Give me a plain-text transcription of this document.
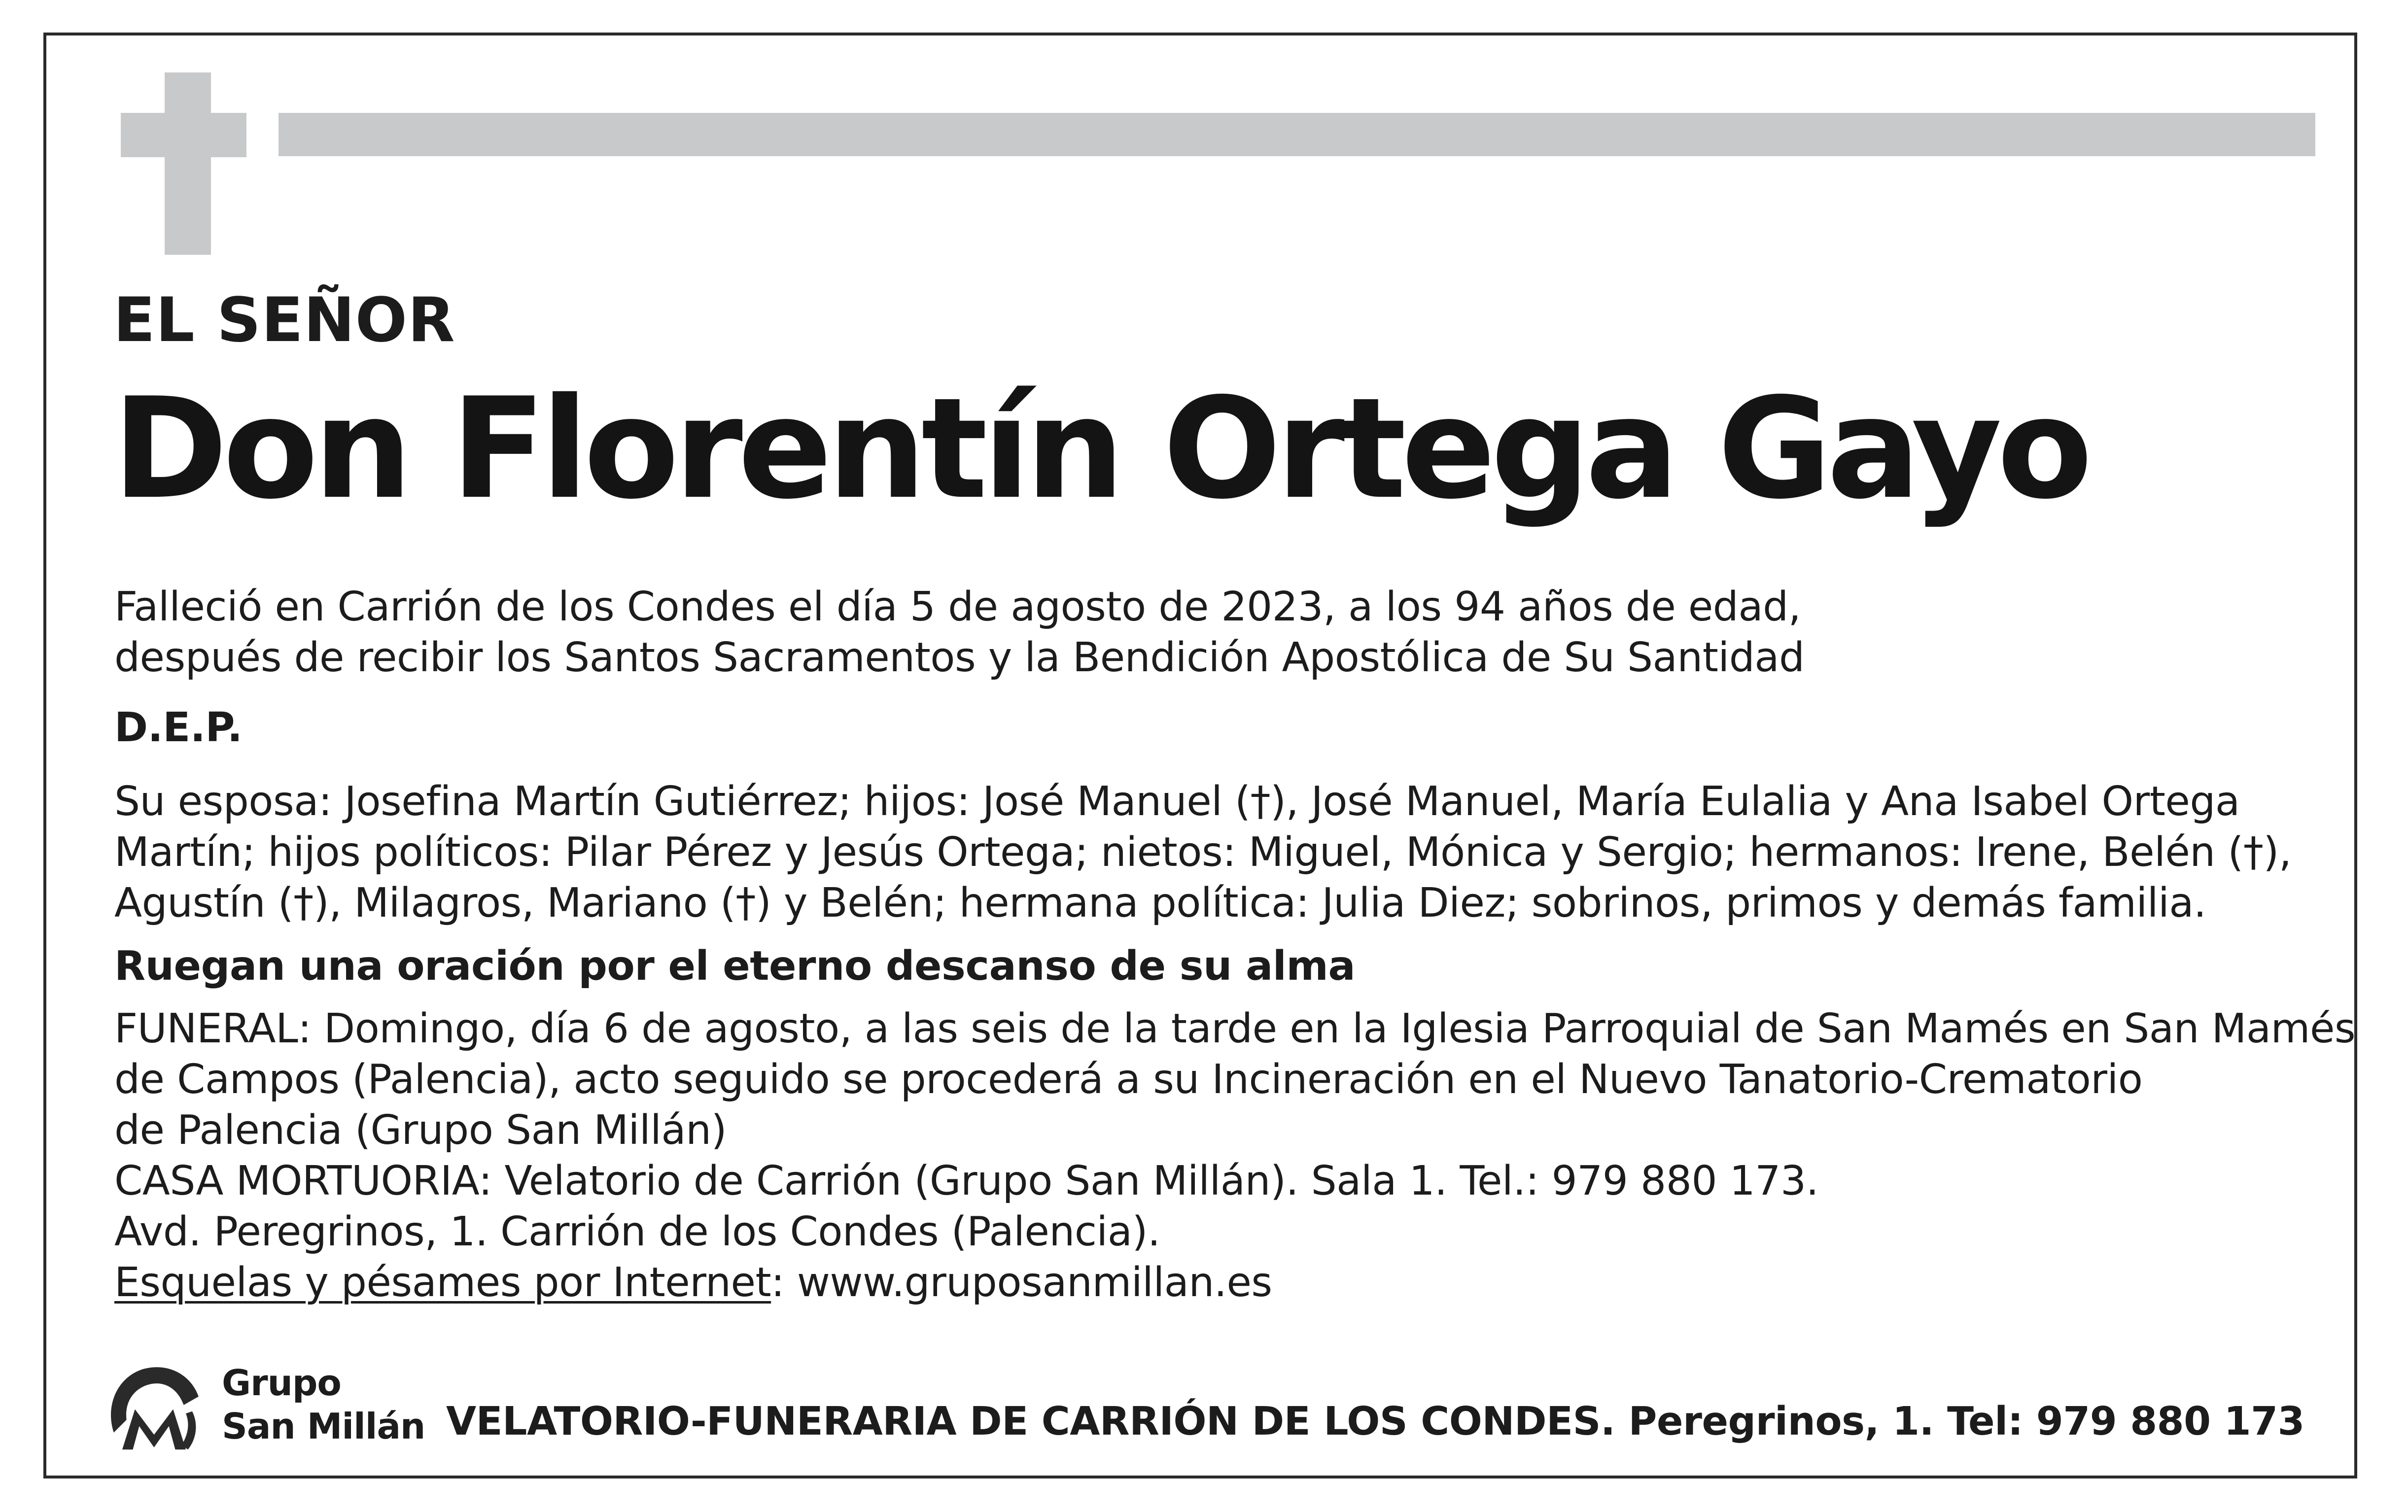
EL SEÑOR
Don Florentín Ortega Gayo
Falleció en Carrión de los Condes el día 5 de agosto de 2023, a los 94 años de edad,
después de recibir los Santos Sacramentos y la Bendición Apostólica de Su Santidad
D.E.P.
Su esposa: Josefina Martín Gutiérrez; hijos: José Manuel (†), José Manuel, María Eulalia y Ana Isabel Ortega
Martín; hijos políticos: Pilar Pérez y Jesús Ortega; nietos: Miguel, Mónica y Sergio; hermanos: Irene, Belén (†),
Agustín (†), Milagros, Mariano (†) y Belén; hermana política: Julia Diez; sobrinos, primos y demás familia.
Ruegan una oración por el eterno descanso de su alma
FUNERAL: Domingo, día 6 de agosto, a las seis de la tarde en la Iglesia Parroquial de San Mamés en San Mamés
de Campos (Palencia), acto seguido se procederá a su Incineración en el Nuevo Tanatorio-Crematorio
de Palencia (Grupo San Millán)
CASA MORTUORIA: Velatorio de Carrión (Grupo San Millán). Sala 1. Tel.: 979 880 173.
Avd. Peregrinos, 1. Carrión de los Condes (Palencia).
Esquelas y pésames por Internet: www.gruposanmillan.es
Grupo
San Millán VELATORIO-FUNERARIA DE CARRIÓN DE LOS CONDES. Peregrinos, 1. Tel: 979 880 173
